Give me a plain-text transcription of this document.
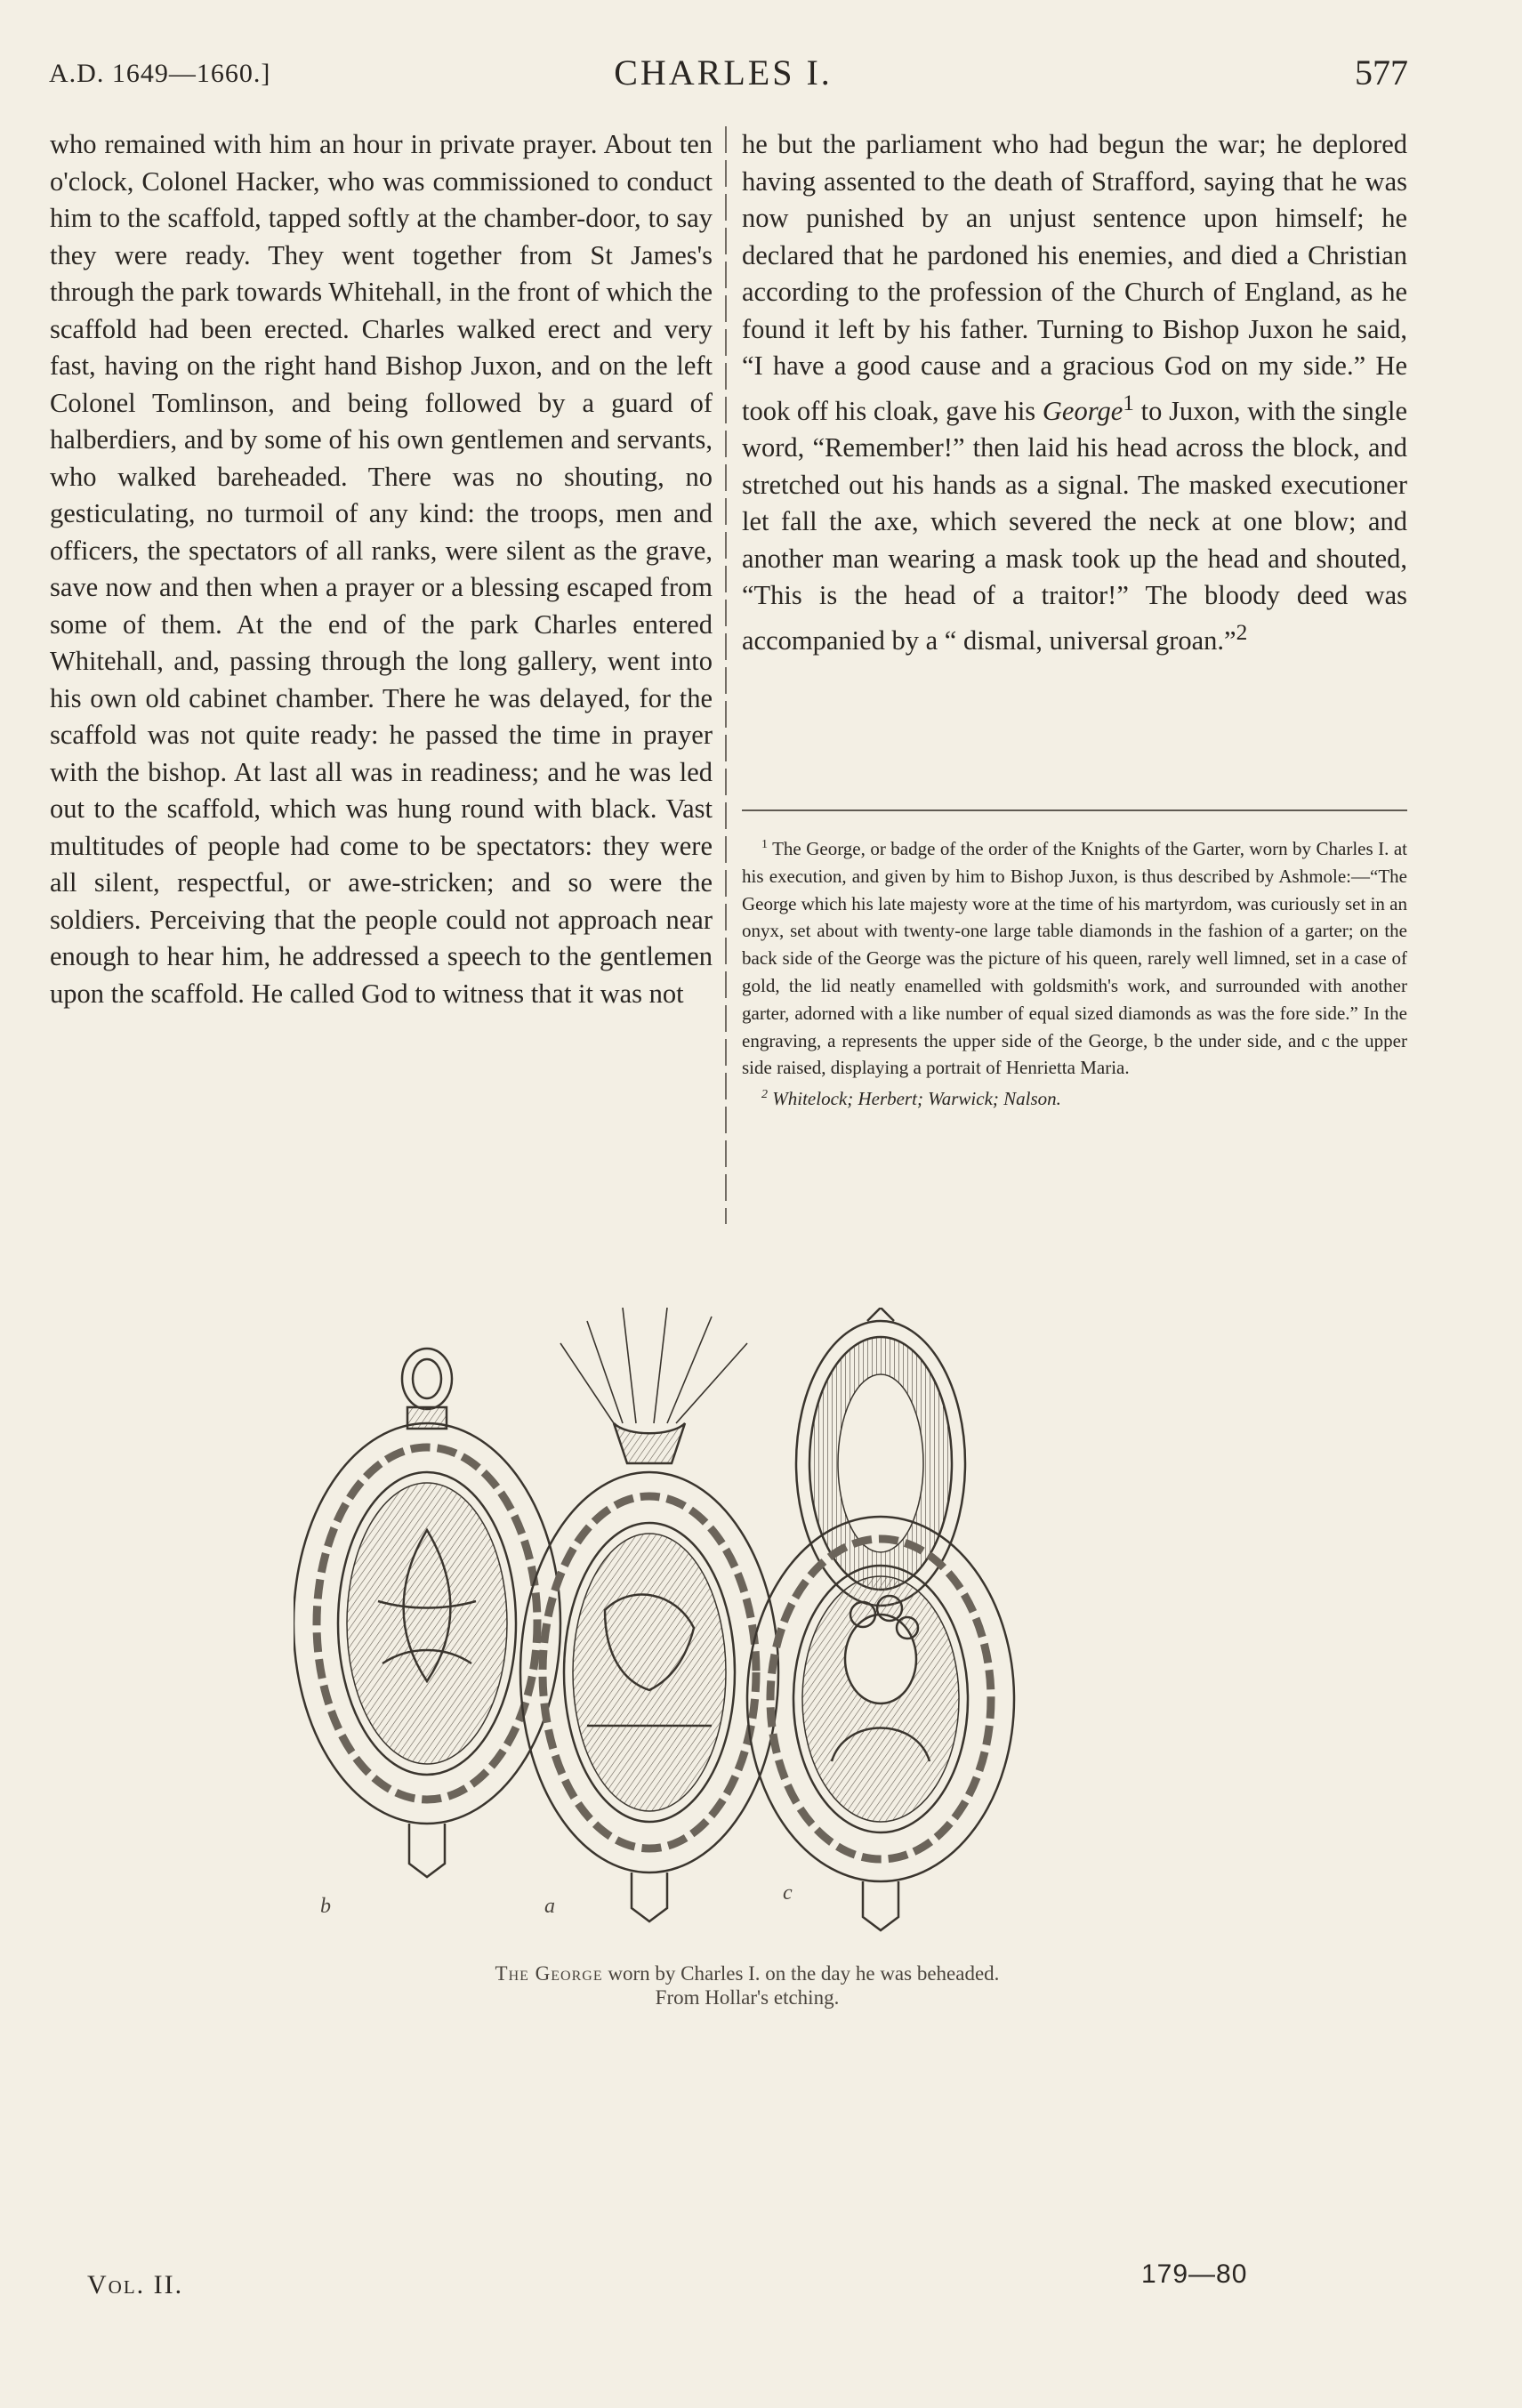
A.D. 1649—1660.]	CHARLES I.	577

who remained with him an hour in private prayer. About ten o'clock, Colonel Hacker, who was commissioned to conduct him to the scaffold, tapped softly at the chamber-door, to say they were ready. They went together from St James's through the park towards Whitehall, in the front of which the scaffold had been erected. Charles walked erect and very fast, having on the right hand Bishop Juxon, and on the left Colonel Tomlinson, and being followed by a guard of halberdiers, and by some of his own gentlemen and servants, who walked bareheaded. There was no shouting, no gesticulating, no turmoil of any kind: the troops, men and officers, the spectators of all ranks, were silent as the grave, save now and then when a prayer or a blessing escaped from some of them. At the end of the park Charles entered Whitehall, and, passing through the long gallery, went into his own old cabinet chamber. There he was delayed, for the scaffold was not quite ready: he passed the time in prayer with the bishop. At last all was in readiness; and he was led out to the scaffold, which was hung round with black. Vast multitudes of people had come to be spectators: they were all silent, respectful, or awe-stricken; and so were the soldiers. Perceiving that the people could not approach near enough to hear him, he addressed a speech to the gentlemen upon the scaffold. He called God to witness that it was not

he but the parliament who had begun the war; he deplored having assented to the death of Strafford, saying that he was now punished by an unjust sentence upon himself; he declared that he pardoned his enemies, and died a Christian according to the profession of the Church of England, as he found it left by his father. Turning to Bishop Juxon he said, “I have a good cause and a gracious God on my side.” He took off his cloak, gave his George$^1$ to Juxon, with the single word, “Remember!” then laid his head across the block, and stretched out his hands as a signal. The masked executioner let fall the axe, which severed the neck at one blow; and another man wearing a mask took up the head and shouted, “This is the head of a traitor!” The bloody deed was accompanied by a “ dismal, universal groan.”$^2$

$^1$ The George, or badge of the order of the Knights of the Garter, worn by Charles I. at his execution, and given by him to Bishop Juxon, is thus described by Ashmole:—“The George which his late majesty wore at the time of his martyrdom, was curiously set in an onyx, set about with twenty-one large table diamonds in the fashion of a garter; on the back side of the George was the picture of his queen, rarely well limned, set in a case of gold, the lid neatly enamelled with goldsmith's work, and surrounded with another garter, adorned with a like number of equal sized diamonds as was the fore side.” In the engraving, a represents the upper side of the George, b the under side, and c the upper side raised, displaying a portrait of Henrietta Maria.

$^2$ Whitelock; Herbert; Warwick; Nalson.

b	a
c
The George worn by Charles I. on the day he was beheaded.
From Hollar's etching.
Vol. II.	179—80
